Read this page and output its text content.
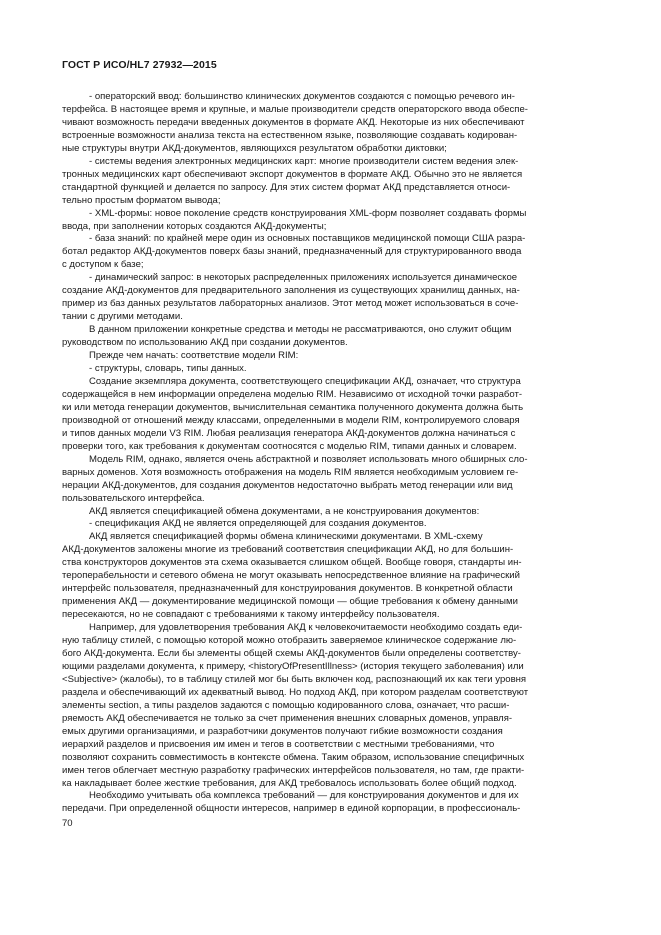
ГОСТ Р ИСО/HL7 27932—2015

- операторский ввод: большинство клинических документов создаются с помощью речевого ин-
терфейса. В настоящее время и крупные, и малые производители средств операторского ввода обеспе-
чивают возможность передачи введенных документов в формате АКД. Некоторые из них обеспечивают
встроенные возможности анализа текста на естественном языке, позволяющие создавать кодирован-
ные структуры внутри АКД-документов, являющихся результатом обработки диктовки;

- системы ведения электронных медицинских карт: многие производители систем ведения элек-
тронных медицинских карт обеспечивают экспорт документов в формате АКД. Обычно это не является
стандартной функцией и делается по запросу. Для этих систем формат АКД представляется относи-
тельно простым форматом вывода;

- XML-формы: новое поколение средств конструирования XML-форм позволяет создавать формы
ввода, при заполнении которых создаются АКД-документы;

- база знаний: по крайней мере один из основных поставщиков медицинской помощи США разра-
ботал редактор АКД-документов поверх базы знаний, предназначенный для структурированного ввода
с доступом к базе;

- динамический запрос: в некоторых распределенных приложениях используется динамическое
создание АКД-документов для предварительного заполнения из существующих хранилищ данных, на-
пример из баз данных результатов лабораторных анализов. Этот метод может использоваться в соче-
тании с другими методами.

В данном приложении конкретные средства и методы не рассматриваются, оно служит общим
руководством по использованию АКД при создании документов.

Прежде чем начать: соответствие модели RIM:

- структуры, словарь, типы данных.

Создание экземпляра документа, соответствующего спецификации АКД, означает, что структура
содержащейся в нем информации определена моделью RIM. Независимо от исходной точки разработ-
ки или метода генерации документов, вычислительная семантика полученного документа должна быть
производной от отношений между классами, определенными в модели RIM, контролируемого словаря
и типов данных модели V3 RIM. Любая реализация генератора АКД-документов должна начинаться с
проверки того, как требования к документам соотносятся с моделью RIM, типами данных и словарем.

Модель RIM, однако, является очень абстрактной и позволяет использовать много обширных сло-
варных доменов. Хотя возможность отображения на модель RIM является необходимым условием ге-
нерации АКД-документов, для создания документов недостаточно выбрать метод генерации или вид
пользовательского интерфейса.

АКД является спецификацией обмена документами, а не конструирования документов:

- спецификация АКД не является определяющей для создания документов.

АКД является спецификацией формы обмена клиническими документами. В XML-схему
АКД-документов заложены многие из требований соответствия спецификации АКД, но для большин-
ства конструкторов документов эта схема оказывается слишком общей. Вообще говоря, стандарты ин-
тероперабельности и сетевого обмена не могут оказывать непосредственное влияние на графический
интерфейс пользователя, предназначенный для конструирования документов. В конкретной области
применения АКД — документирование медицинской помощи — общие требования к обмену данными
пересекаются, но не совпадают с требованиями к такому интерфейсу пользователя.

Например, для удовлетворения требования АКД к человекочитаемости необходимо создать еди-
ную таблицу стилей, с помощью которой можно отобразить заверяемое клиническое содержание лю-
бого АКД-документа. Если бы элементы общей схемы АКД-документов были определены соответству-
ющими разделами документа, к примеру, <historyOfPresentIllness> (история текущего заболевания) или
<Subjective> (жалобы), то в таблицу стилей мог бы быть включен код, распознающий их как теги уровня
раздела и обеспечивающий их адекватный вывод. Но подход АКД, при котором разделам соответствуют
элементы section, а типы разделов задаются с помощью кодированного слова, означает, что расши-
ряемость АКД обеспечивается не только за счет применения внешних словарных доменов, управля-
емых другими организациями, и разработчики документов получают гибкие возможности создания
иерархий разделов и присвоения им имен и тегов в соответствии с местными требованиями, что
позволяют сохранить совместимость в контексте обмена. Таким образом, использование специфичных
имен тегов облегчает местную разработку графических интерфейсов пользователя, но там, где практи-
ка накладывает более жесткие требования, для АКД требовалось использовать более общий подход.

Необходимо учитывать оба комплекса требований — для конструирования документов и для их
передачи. При определенной общности интересов, например в единой корпорации, в профессиональ-

70
